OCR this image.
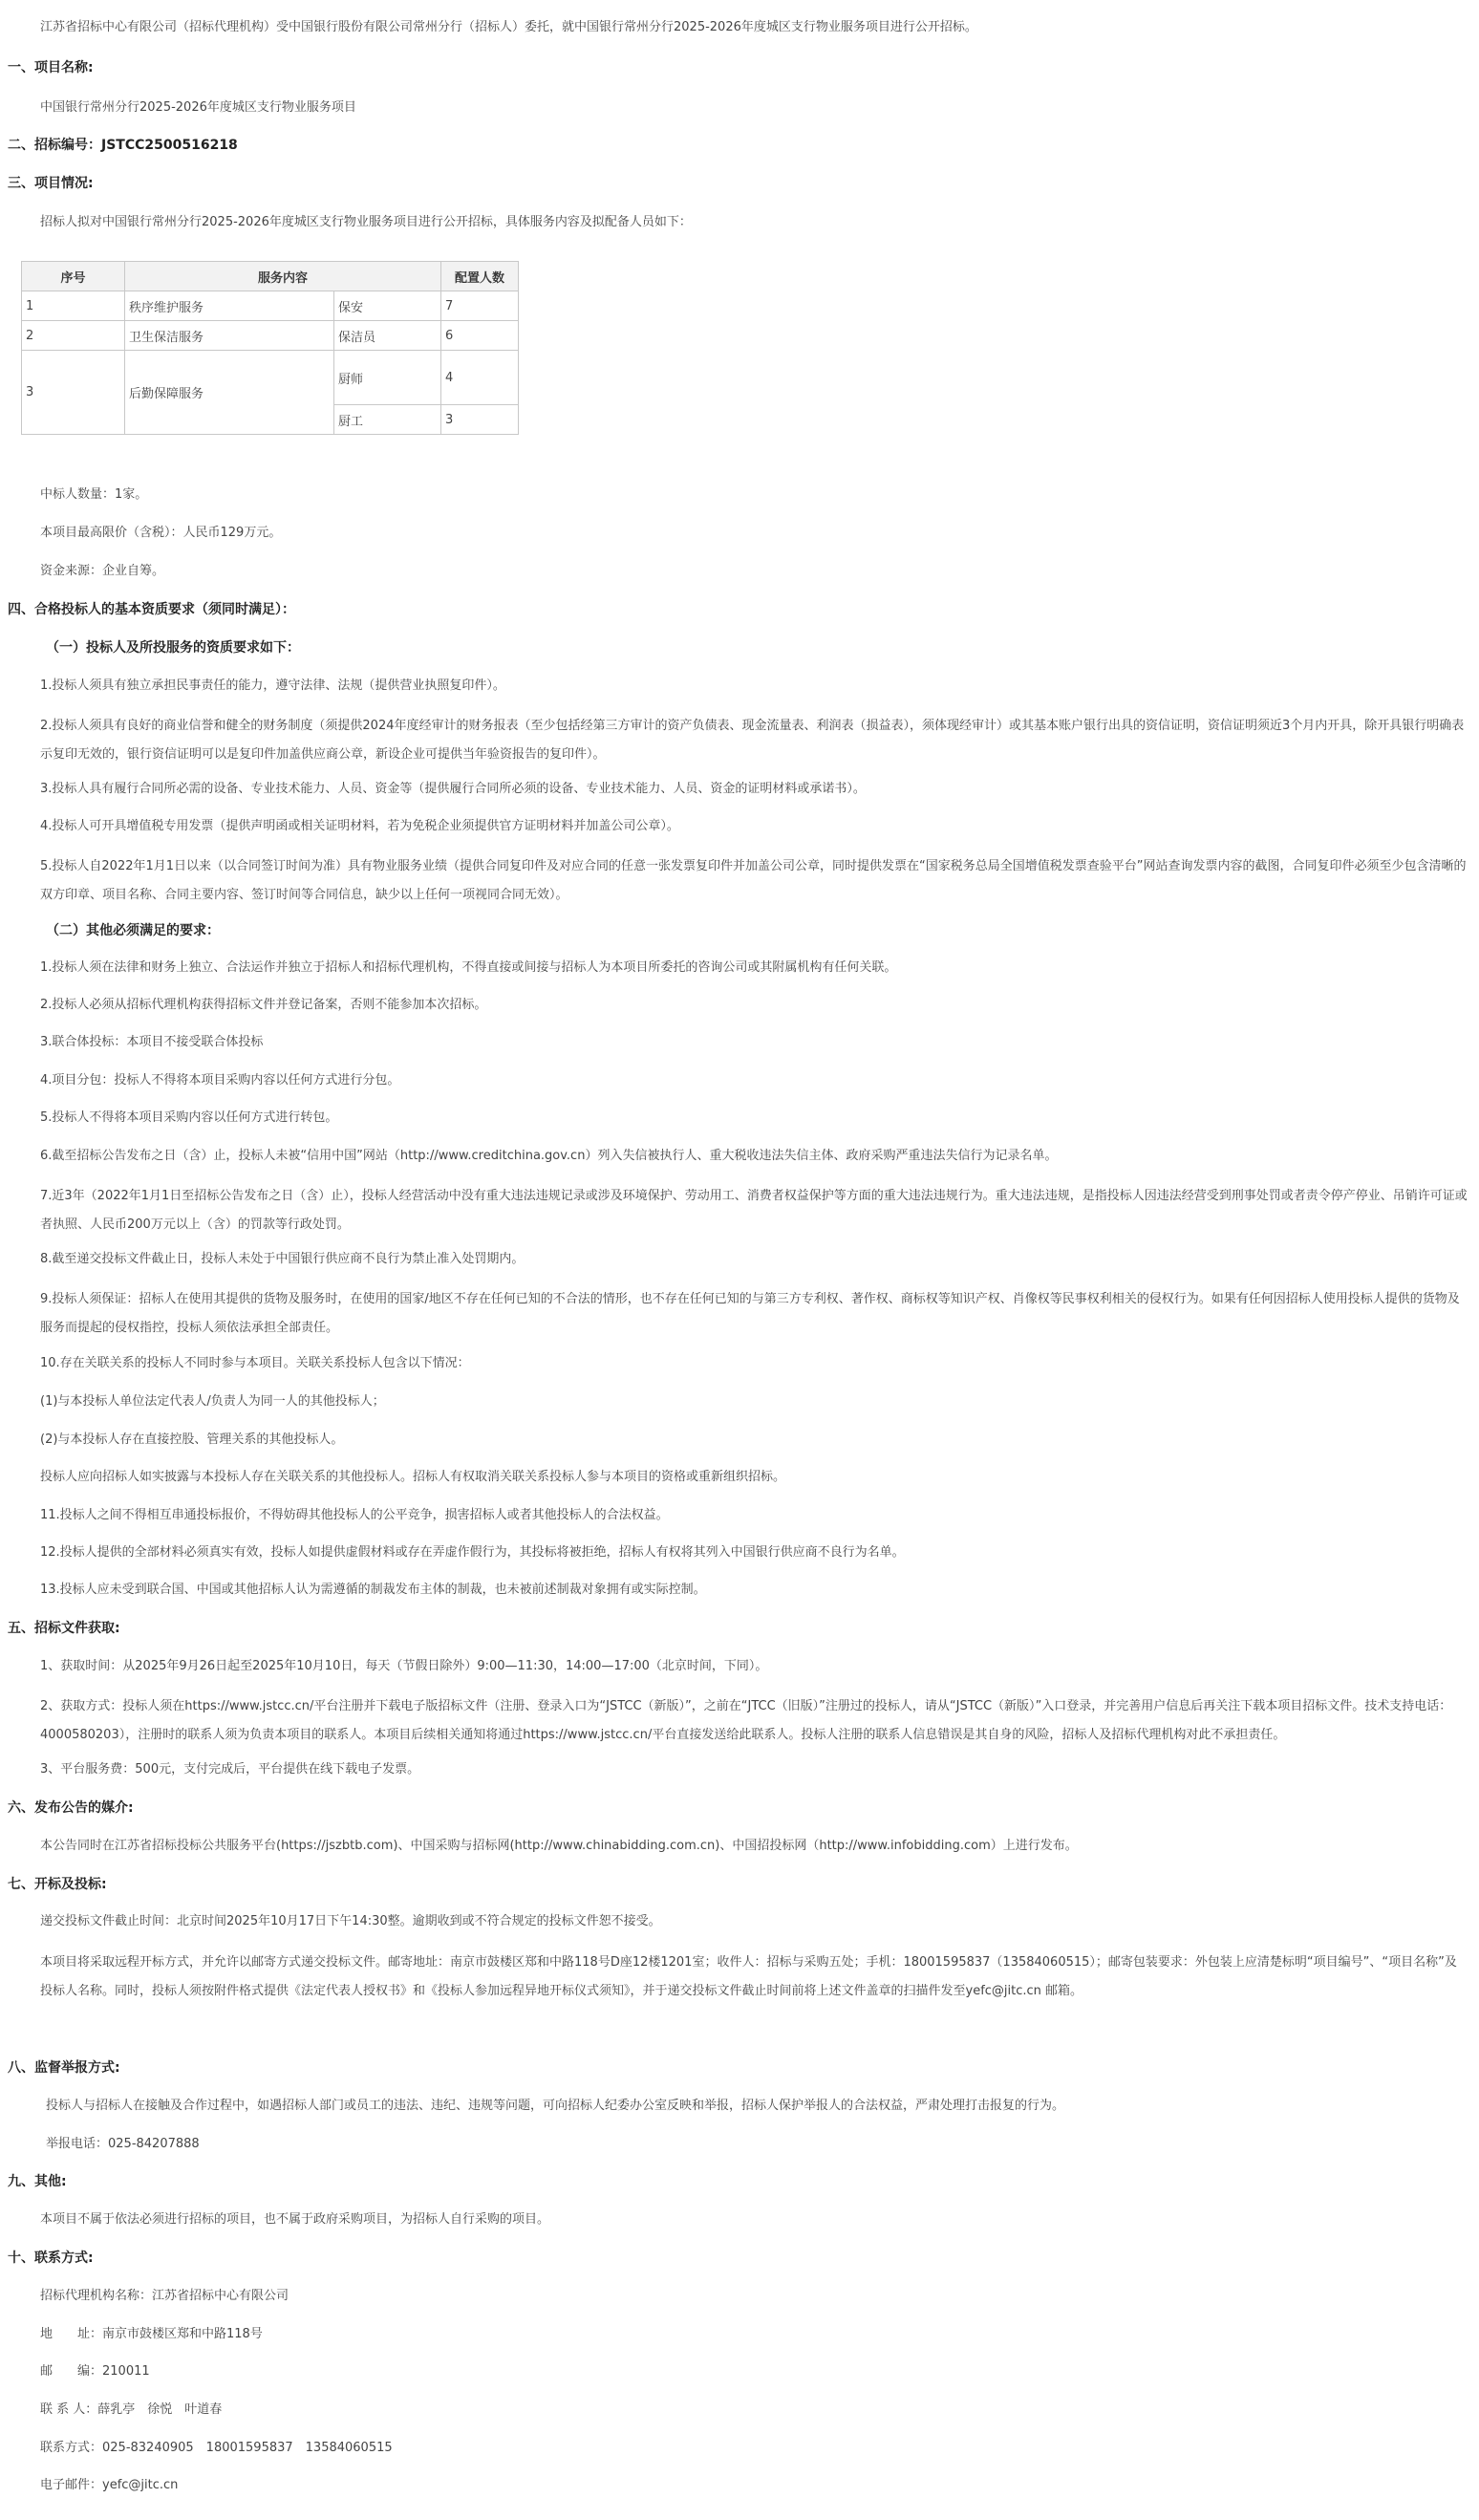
江苏省招标中心有限公司（招标代理机构）受中国银行股份有限公司常州分行（招标人）委托，就中国银行常州分行2025-2026年度城区支行物业服务项目进行公开招标。
一、项目名称:
中国银行常州分行2025-2026年度城区支行物业服务项目
二、招标编号：JSTCC2500516218
三、项目情况:
招标人拟对中国银行常州分行2025-2026年度城区支行物业服务项目进行公开招标，具体服务内容及拟配备人员如下：
序号	服务内容		配置人数
1	秩序维护服务	保安	7
2	卫生保洁服务	保洁员	6
3	后勤保障服务	厨师	4
		厨工	3
中标人数量：1家。
本项目最高限价（含税）：人民币129万元。
资金来源：企业自筹。
四、合格投标人的基本资质要求（须同时满足）：
（一）投标人及所投服务的资质要求如下：
1.投标人须具有独立承担民事责任的能力，遵守法律、法规（提供营业执照复印件）。
2.投标人须具有良好的商业信誉和健全的财务制度（须提供2024年度经审计的财务报表（至少包括经第三方审计的资产负债表、现金流量表、利润表（损益表），须体现经审计）或其基本账户银行出具的资信证明，资信证明须近3个月内开具，除开具银行明确表示复印无效的，银行资信证明可以是复印件加盖供应商公章，新设企业可提供当年验资报告的复印件）。
3.投标人具有履行合同所必需的设备、专业技术能力、人员、资金等（提供履行合同所必须的设备、专业技术能力、人员、资金的证明材料或承诺书）。
4.投标人可开具增值税专用发票（提供声明函或相关证明材料，若为免税企业须提供官方证明材料并加盖公司公章）。
5.投标人自2022年1月1日以来（以合同签订时间为准）具有物业服务业绩（提供合同复印件及对应合同的任意一张发票复印件并加盖公司公章，同时提供发票在“国家税务总局全国增值税发票查验平台”网站查询发票内容的截图，合同复印件必须至少包含清晰的双方印章、项目名称、合同主要内容、签订时间等合同信息，缺少以上任何一项视同合同无效）。
（二）其他必须满足的要求：
1.投标人须在法律和财务上独立、合法运作并独立于招标人和招标代理机构，不得直接或间接与招标人为本项目所委托的咨询公司或其附属机构有任何关联。
2.投标人必须从招标代理机构获得招标文件并登记备案，否则不能参加本次招标。
3.联合体投标：本项目不接受联合体投标
4.项目分包：投标人不得将本项目采购内容以任何方式进行分包。
5.投标人不得将本项目采购内容以任何方式进行转包。
6.截至招标公告发布之日（含）止，投标人未被“信用中国”网站（http://www.creditchina.gov.cn）列入失信被执行人、重大税收违法失信主体、政府采购严重违法失信行为记录名单。
7.近3年（2022年1月1日至招标公告发布之日（含）止），投标人经营活动中没有重大违法违规记录或涉及环境保护、劳动用工、消费者权益保护等方面的重大违法违规行为。重大违法违规，是指投标人因违法经营受到刑事处罚或者责令停产停业、吊销许可证或者执照、人民币200万元以上（含）的罚款等行政处罚。
8.截至递交投标文件截止日，投标人未处于中国银行供应商不良行为禁止准入处罚期内。
9.投标人须保证：招标人在使用其提供的货物及服务时，在使用的国家/地区不存在任何已知的不合法的情形，也不存在任何已知的与第三方专利权、著作权、商标权等知识产权、肖像权等民事权利相关的侵权行为。如果有任何因招标人使用投标人提供的货物及服务而提起的侵权指控，投标人须依法承担全部责任。
10.存在关联关系的投标人不同时参与本项目。关联关系投标人包含以下情况：
(1)与本投标人单位法定代表人/负责人为同一人的其他投标人；
(2)与本投标人存在直接控股、管理关系的其他投标人。
投标人应向招标人如实披露与本投标人存在关联关系的其他投标人。招标人有权取消关联关系投标人参与本项目的资格或重新组织招标。
11.投标人之间不得相互串通投标报价，不得妨碍其他投标人的公平竞争，损害招标人或者其他投标人的合法权益。
12.投标人提供的全部材料必须真实有效，投标人如提供虚假材料或存在弄虚作假行为，其投标将被拒绝，招标人有权将其列入中国银行供应商不良行为名单。
13.投标人应未受到联合国、中国或其他招标人认为需遵循的制裁发布主体的制裁，也未被前述制裁对象拥有或实际控制。
五、招标文件获取:
1、获取时间：从2025年9月26日起至2025年10月10日，每天（节假日除外）9:00—11:30，14:00—17:00（北京时间，下同）。
2、获取方式：投标人须在https://www.jstcc.cn/平台注册并下载电子版招标文件（注册、登录入口为“JSTCC（新版）”，之前在“JTCC（旧版）”注册过的投标人，请从“JSTCC（新版）”入口登录，并完善用户信息后再关注下载本项目招标文件。技术支持电话：4000580203），注册时的联系人须为负责本项目的联系人。本项目后续相关通知将通过https://www.jstcc.cn/平台直接发送给此联系人。投标人注册的联系人信息错误是其自身的风险，招标人及招标代理机构对此不承担责任。
3、平台服务费：500元，支付完成后，平台提供在线下载电子发票。
六、发布公告的媒介:
本公告同时在江苏省招标投标公共服务平台(https://jszbtb.com)、中国采购与招标网(http://www.chinabidding.com.cn)、中国招投标网（http://www.infobidding.com）上进行发布。
七、开标及投标:
递交投标文件截止时间：北京时间2025年10月17日下午14:30整。逾期收到或不符合规定的投标文件恕不接受。
本项目将采取远程开标方式，并允许以邮寄方式递交投标文件。邮寄地址：南京市鼓楼区郑和中路118号D座12楼1201室；收件人：招标与采购五处；手机：18001595837（13584060515）；邮寄包装要求：外包装上应清楚标明“项目编号”、“项目名称”及投标人名称。同时，投标人须按附件格式提供《法定代表人授权书》和《投标人参加远程异地开标仪式须知》，并于递交投标文件截止时间前将上述文件盖章的扫描件发至yefc@jitc.cn 邮箱。
八、监督举报方式:
投标人与招标人在接触及合作过程中，如遇招标人部门或员工的违法、违纪、违规等问题，可向招标人纪委办公室反映和举报，招标人保护举报人的合法权益，严肃处理打击报复的行为。
举报电话：025-84207888
九、其他:
本项目不属于依法必须进行招标的项目，也不属于政府采购项目，为招标人自行采购的项目。
十、联系方式:
招标代理机构名称：江苏省招标中心有限公司
地　　址：南京市鼓楼区郑和中路118号
邮　　编：210011
联 系 人：薛乳亭　徐悦　叶道春
联系方式：025-83240905　18001595837　13584060515
电子邮件：yefc@jitc.cn
